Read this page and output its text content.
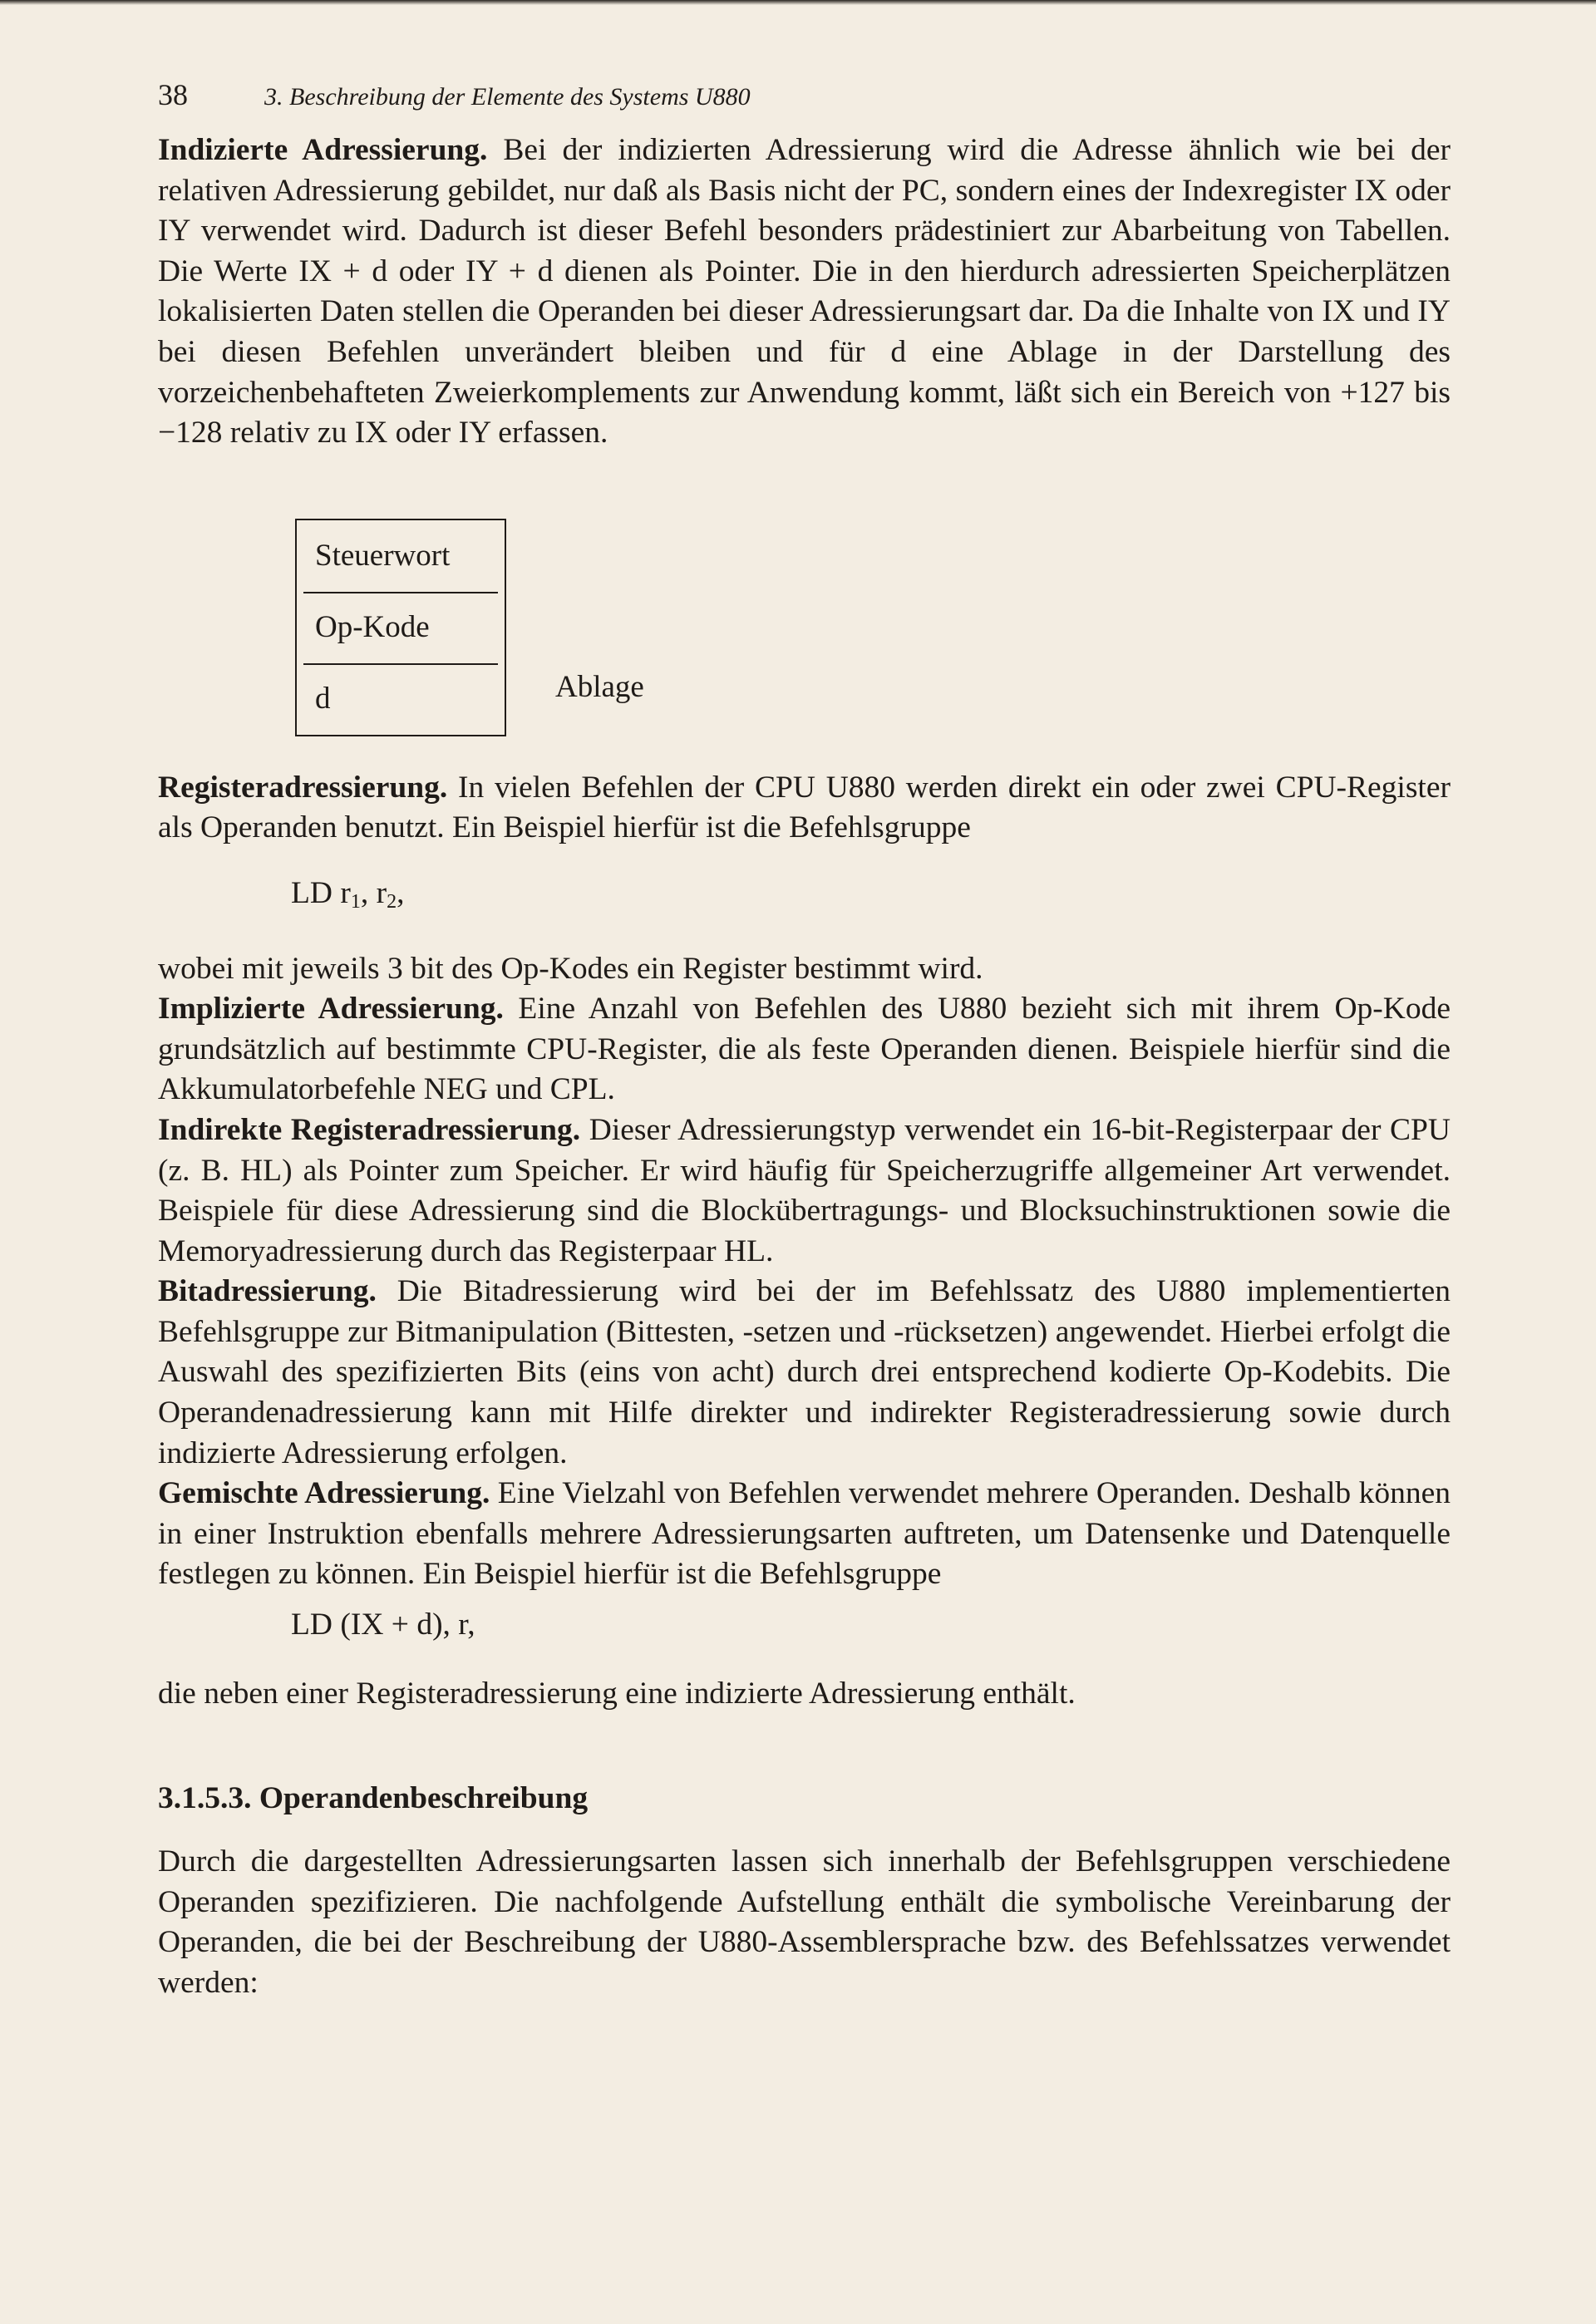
38	3. Beschreibung der Elemente des Systems U880

Indizierte Adressierung. Bei der indizierten Adressierung wird die Adresse ähnlich wie bei der relativen Adressierung gebildet, nur daß als Basis nicht der PC, sondern eines der Indexregister IX oder IY verwendet wird. Dadurch ist dieser Befehl besonders prädestiniert zur Abarbeitung von Tabellen. Die Werte IX + d oder IY + d dienen als Pointer. Die in den hierdurch adressierten Speicherplätzen lokalisierten Daten stellen die Operanden bei dieser Adressierungsart dar. Da die Inhalte von IX und IY bei diesen Befehlen unverändert bleiben und für d eine Ablage in der Darstellung des vorzeichenbehafteten Zweierkomplements zur Anwendung kommt, läßt sich ein Bereich von +127 bis −128 relativ zu IX oder IY erfassen.

Steuerwort
Op-Kode
d	Ablage

Registeradressierung. In vielen Befehlen der CPU U880 werden direkt ein oder zwei CPU-Register als Operanden benutzt. Ein Beispiel hierfür ist die Befehlsgruppe

LD $r_1$, $r_2$,

wobei mit jeweils 3 bit des Op-Kodes ein Register bestimmt wird.

Implizierte Adressierung. Eine Anzahl von Befehlen des U880 bezieht sich mit ihrem Op-Kode grundsätzlich auf bestimmte CPU-Register, die als feste Operanden dienen. Beispiele hierfür sind die Akkumulatorbefehle NEG und CPL.

Indirekte Registeradressierung. Dieser Adressierungstyp verwendet ein 16-bit-Registerpaar der CPU (z. B. HL) als Pointer zum Speicher. Er wird häufig für Speicherzugriffe allgemeiner Art verwendet. Beispiele für diese Adressierung sind die Blockübertragungs- und Blocksuchinstruktionen sowie die Memoryadressierung durch das Registerpaar HL.

Bitadressierung. Die Bitadressierung wird bei der im Befehlssatz des U880 implementierten Befehlsgruppe zur Bitmanipulation (Bittesten, -setzen und -rücksetzen) angewendet. Hierbei erfolgt die Auswahl des spezifizierten Bits (eins von acht) durch drei entsprechend kodierte Op-Kodebits. Die Operandenadressierung kann mit Hilfe direkter und indirekter Registeradressierung sowie durch indizierte Adressierung erfolgen.

Gemischte Adressierung. Eine Vielzahl von Befehlen verwendet mehrere Operanden. Deshalb können in einer Instruktion ebenfalls mehrere Adressierungsarten auftreten, um Datensenke und Datenquelle festlegen zu können. Ein Beispiel hierfür ist die Befehlsgruppe

LD (IX + d), r,

die neben einer Registeradressierung eine indizierte Adressierung enthält.

3.1.5.3. Operandenbeschreibung

Durch die dargestellten Adressierungsarten lassen sich innerhalb der Befehlsgruppen verschiedene Operanden spezifizieren. Die nachfolgende Aufstellung enthält die symbolische Vereinbarung der Operanden, die bei der Beschreibung der U880-Assemblersprache bzw. des Befehlssatzes verwendet werden:
